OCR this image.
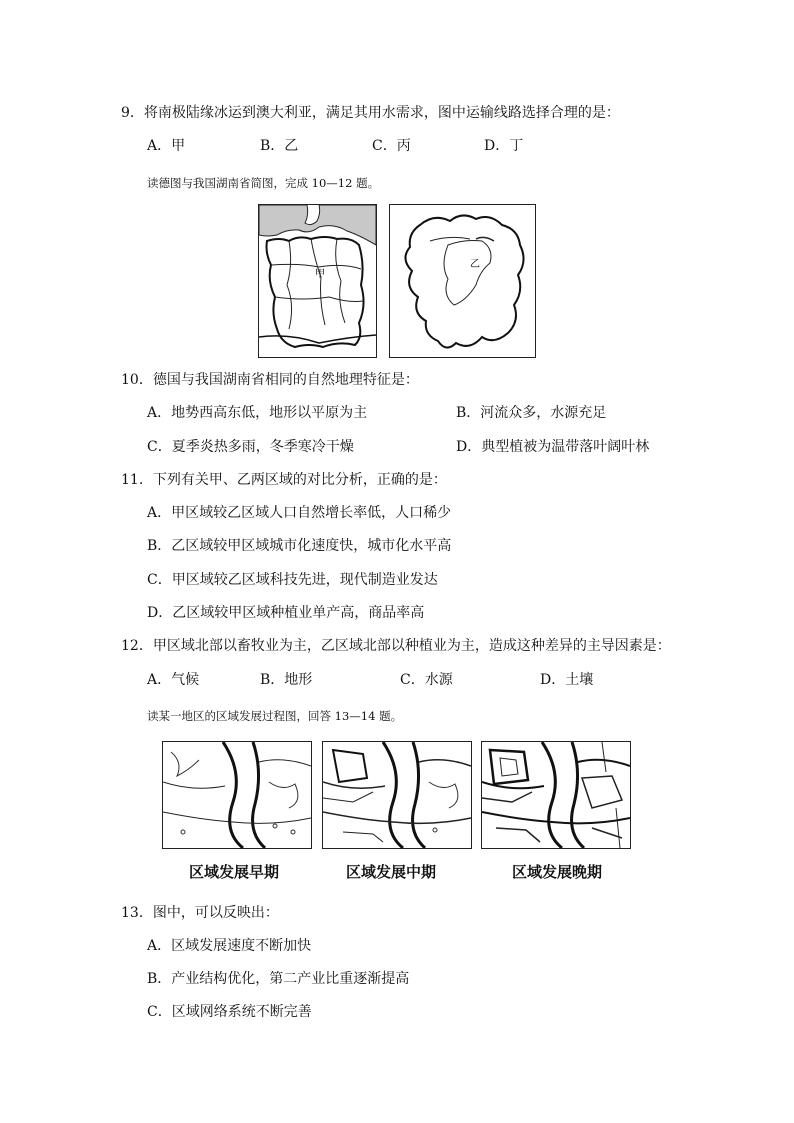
9．将南极陆缘冰运到澳大利亚，满足其用水需求，图中运输线路选择合理的是：
A．甲	B．乙	C．丙	D．丁
读德图与我国湖南省简图，完成 10—12 题。
甲
乙
10．德国与我国湖南省相同的自然地理特征是：
A．地势西高东低，地形以平原为主	B．河流众多，水源充足
C．夏季炎热多雨，冬季寒冷干燥	D．典型植被为温带落叶阔叶林
11．下列有关甲、乙两区域的对比分析，正确的是：
A．甲区域较乙区域人口自然增长率低，人口稀少
B．乙区域较甲区域城市化速度快，城市化水平高
C．甲区域较乙区域科技先进，现代制造业发达
D．乙区域较甲区域种植业单产高，商品率高
12．甲区域北部以畜牧业为主，乙区域北部以种植业为主，造成这种差异的主导因素是：
A．气候	B．地形	C．水源	D．土壤
读某一地区的区域发展过程图，回答 13—14 题。
区域发展早期	区域发展中期	区域发展晚期
13．图中，可以反映出：
A．区域发展速度不断加快
B．产业结构优化，第二产业比重逐渐提高
C．区域网络系统不断完善
